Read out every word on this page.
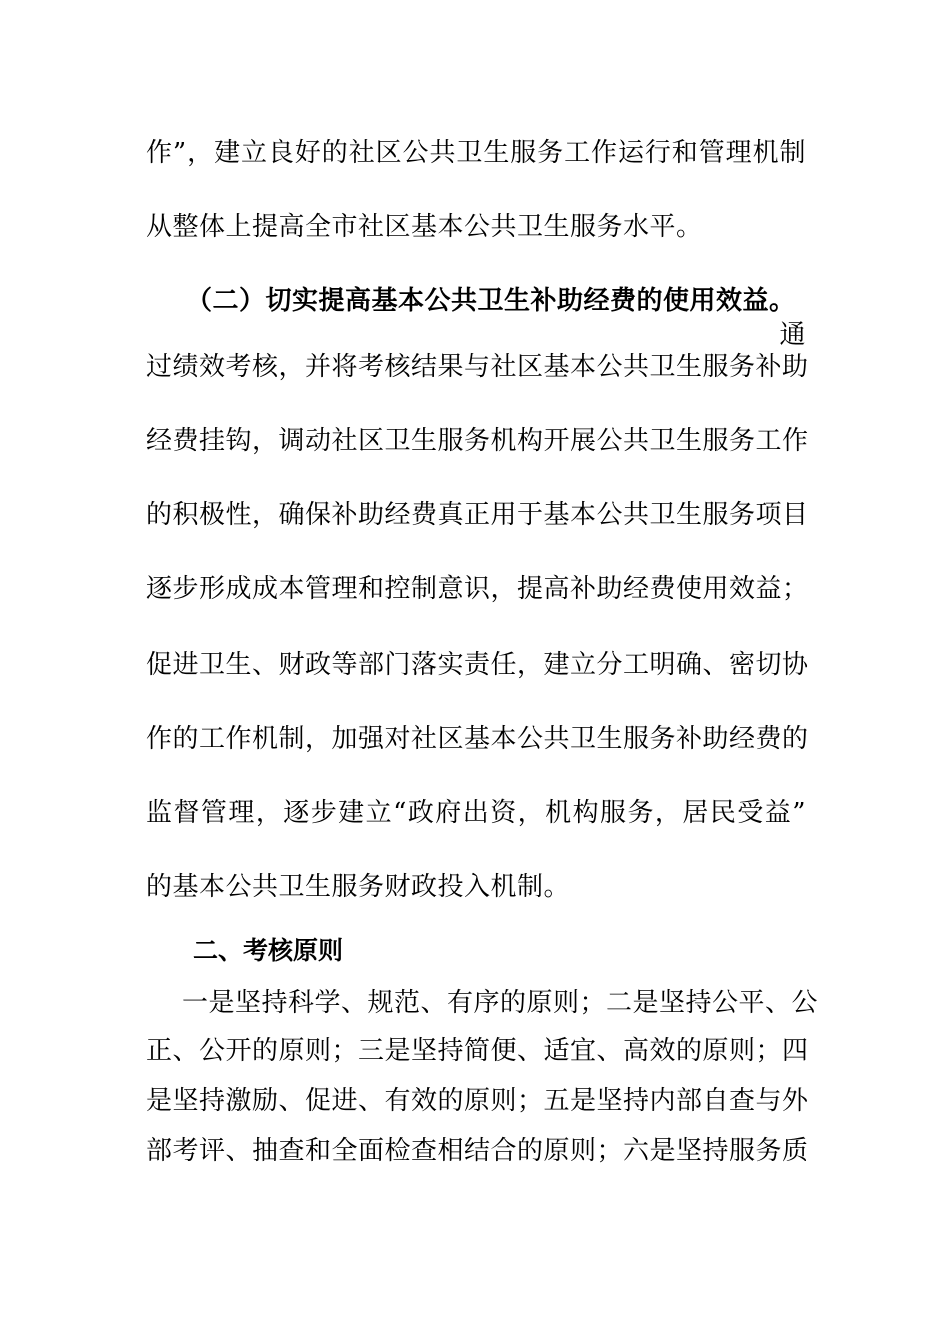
作”，建立良好的社区公共卫生服务工作运行和管理机制
从整体上提高全市社区基本公共卫生服务水平。
（二）切实提高基本公共卫生补助经费的使用效益。
通
过绩效考核，并将考核结果与社区基本公共卫生服务补助
经费挂钩，调动社区卫生服务机构开展公共卫生服务工作
的积极性，确保补助经费真正用于基本公共卫生服务项目
逐步形成成本管理和控制意识，提高补助经费使用效益；
促进卫生、财政等部门落实责任，建立分工明确、密切协
作的工作机制，加强对社区基本公共卫生服务补助经费的
监督管理，逐步建立“政府出资，机构服务，居民受益”
的基本公共卫生服务财政投入机制。
二、考核原则
一是坚持科学、规范、有序的原则；二是坚持公平、公
正、公开的原则；三是坚持简便、适宜、高效的原则；四
是坚持激励、促进、有效的原则；五是坚持内部自查与外
部考评、抽查和全面检查相结合的原则；六是坚持服务质
